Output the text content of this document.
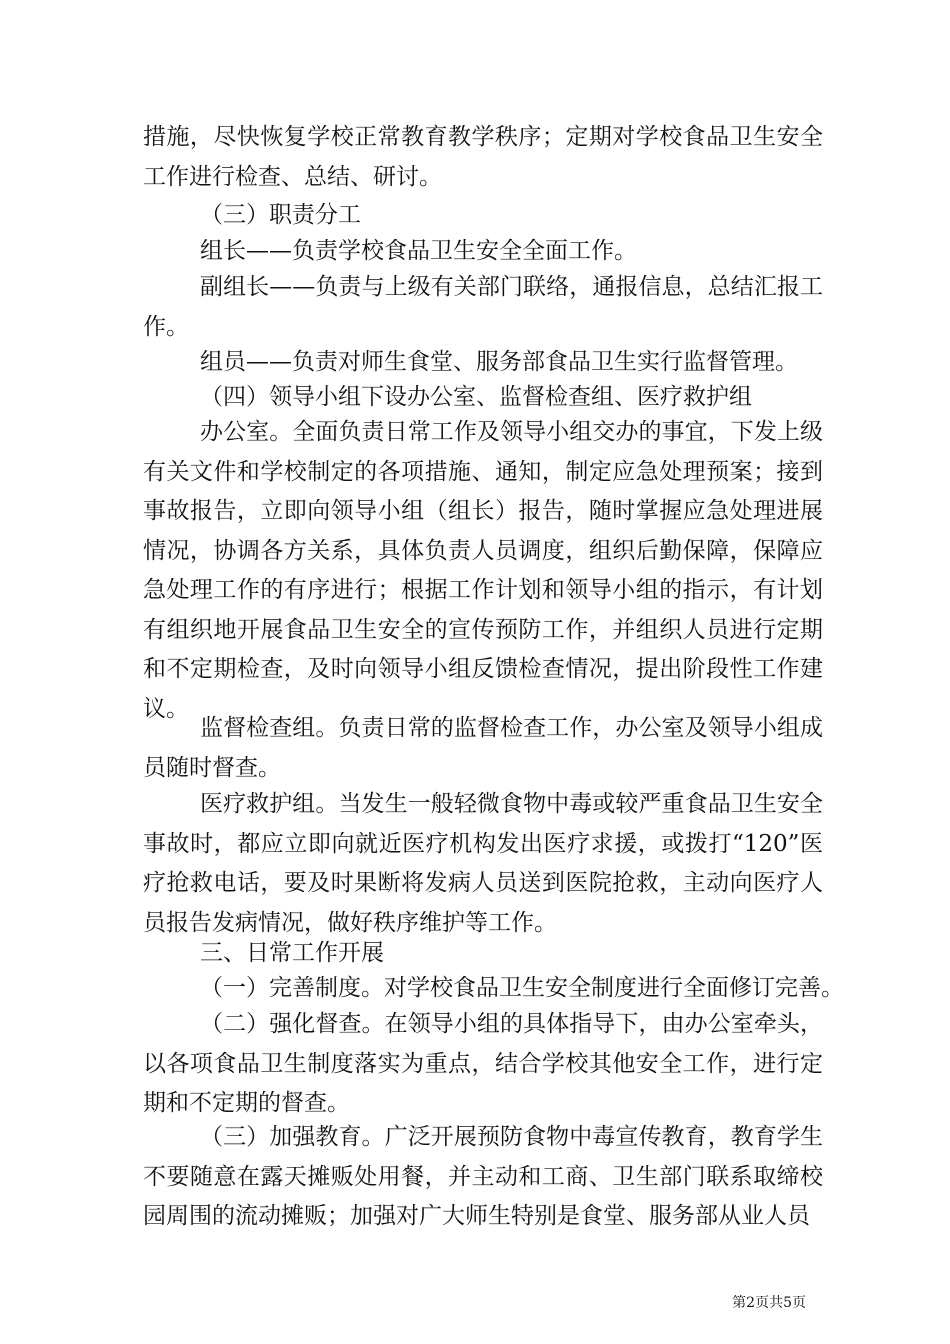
措施，尽快恢复学校正常教育教学秩序；定期对学校食品卫生安全工作进行检查、总结、研讨。

（三）职责分工

组长——负责学校食品卫生安全全面工作。

副组长——负责与上级有关部门联络，通报信息，总结汇报工作。

组员——负责对师生食堂、服务部食品卫生实行监督管理。

（四）领导小组下设办公室、监督检查组、医疗救护组

办公室。全面负责日常工作及领导小组交办的事宜，下发上级有关文件和学校制定的各项措施、通知，制定应急处理预案；接到事故报告，立即向领导小组（组长）报告，随时掌握应急处理进展情况，协调各方关系，具体负责人员调度，组织后勤保障，保障应急处理工作的有序进行；根据工作计划和领导小组的指示，有计划有组织地开展食品卫生安全的宣传预防工作，并组织人员进行定期和不定期检查，及时向领导小组反馈检查情况，提出阶段性工作建议。

监督检查组。负责日常的监督检查工作，办公室及领导小组成员随时督查。

医疗救护组。当发生一般轻微食物中毒或较严重食品卫生安全事故时，都应立即向就近医疗机构发出医疗求援，或拨打“120”医疗抢救电话，要及时果断将发病人员送到医院抢救，主动向医疗人员报告发病情况，做好秩序维护等工作。

三、日常工作开展

（一）完善制度。对学校食品卫生安全制度进行全面修订完善。

（二）强化督查。在领导小组的具体指导下，由办公室牵头，以各项食品卫生制度落实为重点，结合学校其他安全工作，进行定期和不定期的督查。

（三）加强教育。广泛开展预防食物中毒宣传教育，教育学生不要随意在露天摊贩处用餐，并主动和工商、卫生部门联系取缔校园周围的流动摊贩；加强对广大师生特别是食堂、服务部从业人员

第2页共5页
